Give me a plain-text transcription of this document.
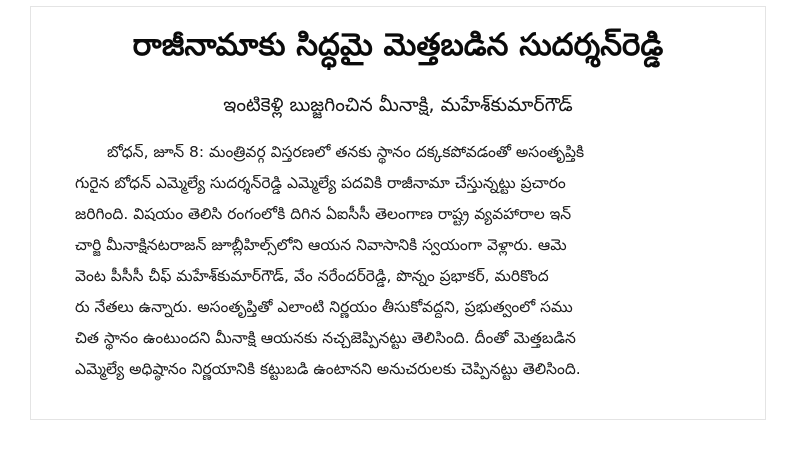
రాజీనామాకు సిద్ధమై మెత్తబడిన సుదర్శన్‌రెడ్డి
ఇంటికెళ్లి బుజ్జగించిన మీనాక్షి, మహేశ్‌కుమార్‌గౌడ్
బోధన్, జూన్ 8: మంత్రివర్గ విస్తరణలో తనకు స్థానం దక్కకపోవడంతో అసంతృప్తికి
గురైన బోధన్ ఎమ్మెల్యే సుదర్శన్‌రెడ్డి ఎమ్మెల్యే పదవికి రాజీనామా చేస్తున్నట్టు ప్రచారం
జరిగింది. విషయం తెలిసి రంగంలోకి దిగిన ఏఐసీసీ తెలంగాణ రాష్ట్ర వ్యవహారాల ఇన్
చార్జి మీనాక్షినటరాజన్ జూబ్లీహిల్స్‌లోని ఆయన నివాసానికి స్వయంగా వెళ్లారు. ఆమె
వెంట పీసీసీ చీఫ్ మహేశ్‌కుమార్‌గౌడ్, వేం నరేందర్‌రెడ్డి, పొన్నం ప్రభాకర్, మరికొంద
రు నేతలు ఉన్నారు. అసంతృప్తితో ఎలాంటి నిర్ణయం తీసుకోవద్దని, ప్రభుత్వంలో సము
చిత స్థానం ఉంటుందని మీనాక్షి ఆయనకు నచ్చజెప్పినట్టు తెలిసింది. దీంతో మెత్తబడిన
ఎమ్మెల్యే అధిష్ఠానం నిర్ణయానికి కట్టుబడి ఉంటానని అనుచరులకు చెప్పినట్టు తెలిసింది.
